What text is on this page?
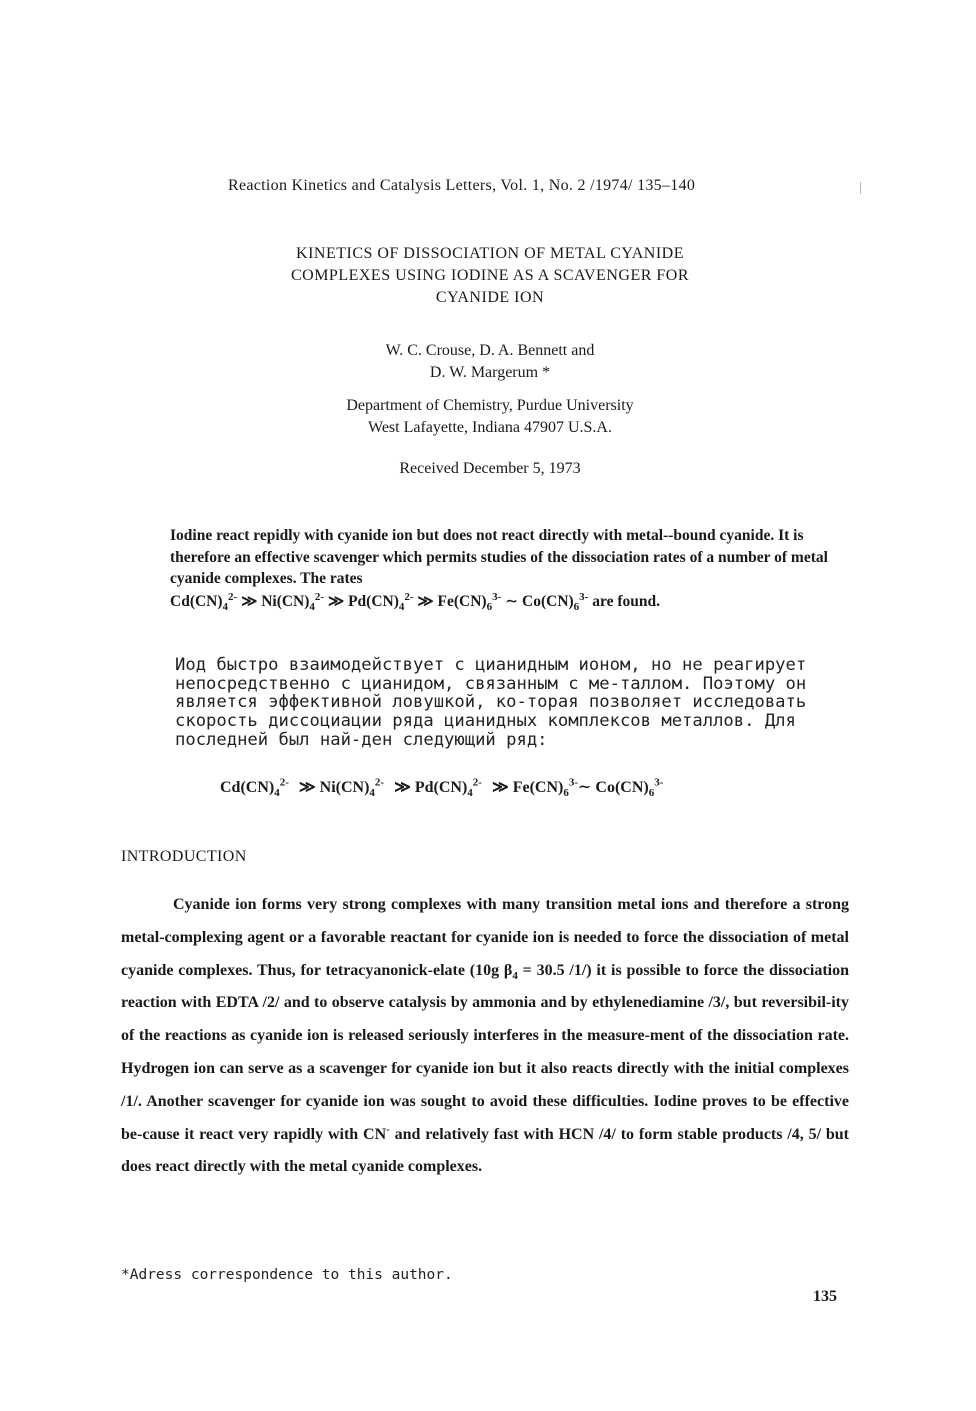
Reaction Kinetics and Catalysis Letters, Vol. 1, No. 2 /1974/ 135–140
KINETICS OF DISSOCIATION OF METAL CYANIDE
COMPLEXES USING IODINE AS A SCAVENGER FOR
CYANIDE ION
W. C. Crouse, D. A. Bennett and
D. W. Margerum *
Department of Chemistry, Purdue University
West Lafayette, Indiana 47907 U.S.A.
Received December 5, 1973

Iodine react repidly with cyanide ion but does not react directly with metal--bound cyanide. It is therefore an effective scavenger which permits studies of the dissociation rates of a number of metal cyanide complexes. The rates

$Cd(CN)_4^{2-}$ ≫ $Ni(CN)_4^{2-}$ ≫ $Pd(CN)_4^{2-}$ ≫ $Fe(CN)_6^{3-}$ ∼ $Co(CN)_6^{3-}$ are found.

Иод быстро взаимодействует с цианидным ионом, но не реагирует непосредственно с цианидом, связанным с ме-таллом. Поэтому он является эффективной ловушкой, ко-торая позволяет исследовать скорость диссоциации ряда цианидных комплексов металлов. Для последней был най-ден следующий ряд:

$Cd(CN)_4^{2-}$ ≫ $Ni(CN)_4^{2-}$ ≫ $Pd(CN)_4^{2-}$ ≫ $Fe(CN)_6^{3-}\sim$ $Co(CN)_6^{3-}$
INTRODUCTION

Cyanide ion forms very strong complexes with many transition metal ions and therefore a strong metal-complexing agent or a favorable reactant for cyanide ion is needed to force the dissociation of metal cyanide complexes. Thus, for tetracyanonick-elate (10g $\beta_4 = 30.5$ /1/) it is possible to force the dissociation reaction with EDTA /2/ and to observe catalysis by ammonia and by ethylenediamine /3/, but reversibil-ity of the reactions as cyanide ion is released seriously interferes in the measure-ment of the dissociation rate. Hydrogen ion can serve as a scavenger for cyanide ion but it also reacts directly with the initial complexes /1/. Another scavenger for cyanide ion was sought to avoid these difficulties. Iodine proves to be effective be-cause it react very rapidly with CN- and relatively fast with HCN /4/ to form stable products /4, 5/ but does react directly with the metal cyanide complexes.

*Adress correspondence to this author.
135
